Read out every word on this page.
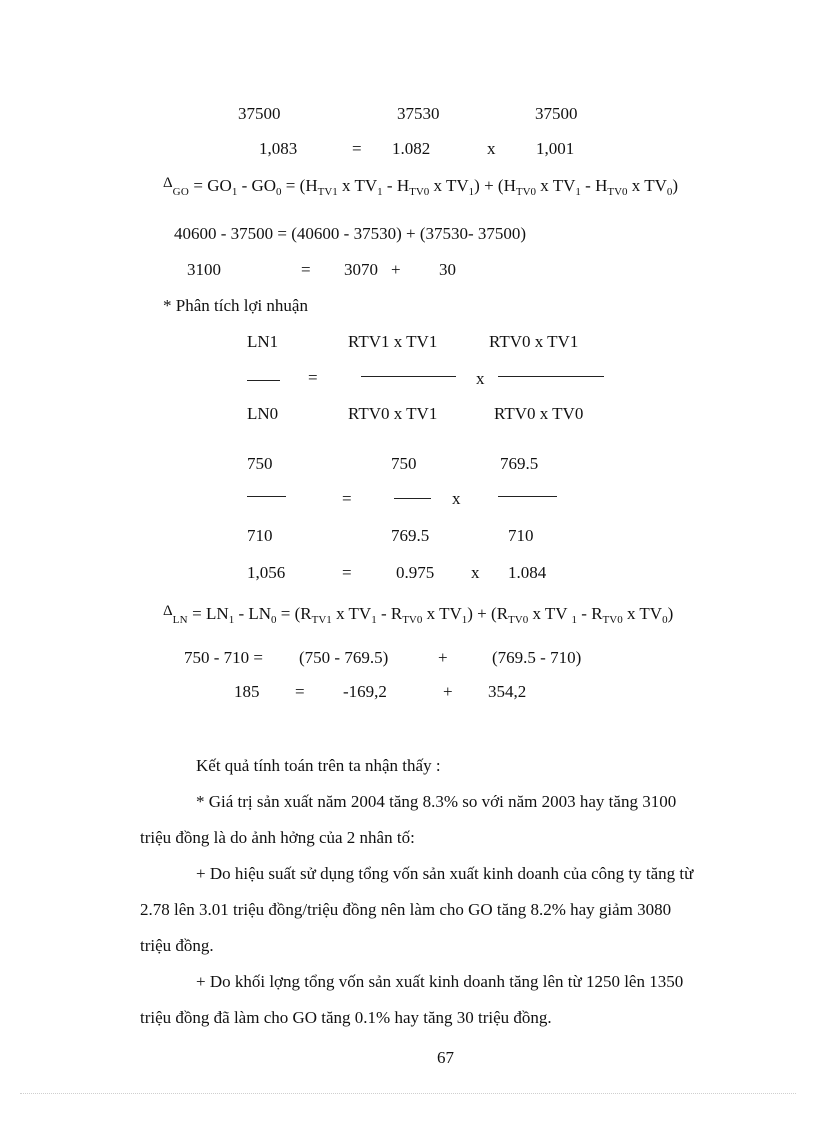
37500	37530	37500
1,083	= 1.082	x 1,001
$\Delta_{GO} = GO_1 - GO_0 = (H_{TV1}$ x $TV_1 - H_{TV0}$ x $TV_1) + (H_{TV0}$ x $TV_1 - H_{TV0}$ x $TV_0$)
40600 - 37500 = (40600 - 37530) + (37530- 37500)
3100	= 3070 + 30
* Phân tích lợi nhuận
LN1	RTV1 x TV1	RTV0 x TV1
=	x
LN0	RTV0 x TV1	RTV0 x TV0
750	750	769.5
=	x
710	769.5	710
1,056	=	0.975 x 1.084
$\Delta_{LN} = LN_1 - LN_0 = (R_{TV1}$ x $TV_1 - R_{TV0}$ x $TV_1) + (R_{TV0}$ x TV $_1 - R_{TV0}$ x $TV_0$)
750 - 710 = (750 - 769.5)	+	(769.5 - 710)
185 = -169,2	+ 354,2
Kết quả tính toán trên ta nhận thấy :
* Giá trị sản xuất năm 2004 tăng 8.3% so với năm 2003 hay tăng 3100
triệu đồng là do ảnh hởng của 2 nhân tố:
+ Do hiệu suất sử dụng tổng vốn sản xuất kinh doanh của công ty tăng từ
2.78 lên 3.01 triệu đồng/triệu đồng nên làm cho GO tăng 8.2% hay giảm 3080
triệu đồng.
+ Do khối lợng tổng vốn sản xuất kinh doanh tăng lên từ 1250 lên 1350
triệu đồng đã làm cho GO tăng 0.1% hay tăng 30 triệu đồng.
67
